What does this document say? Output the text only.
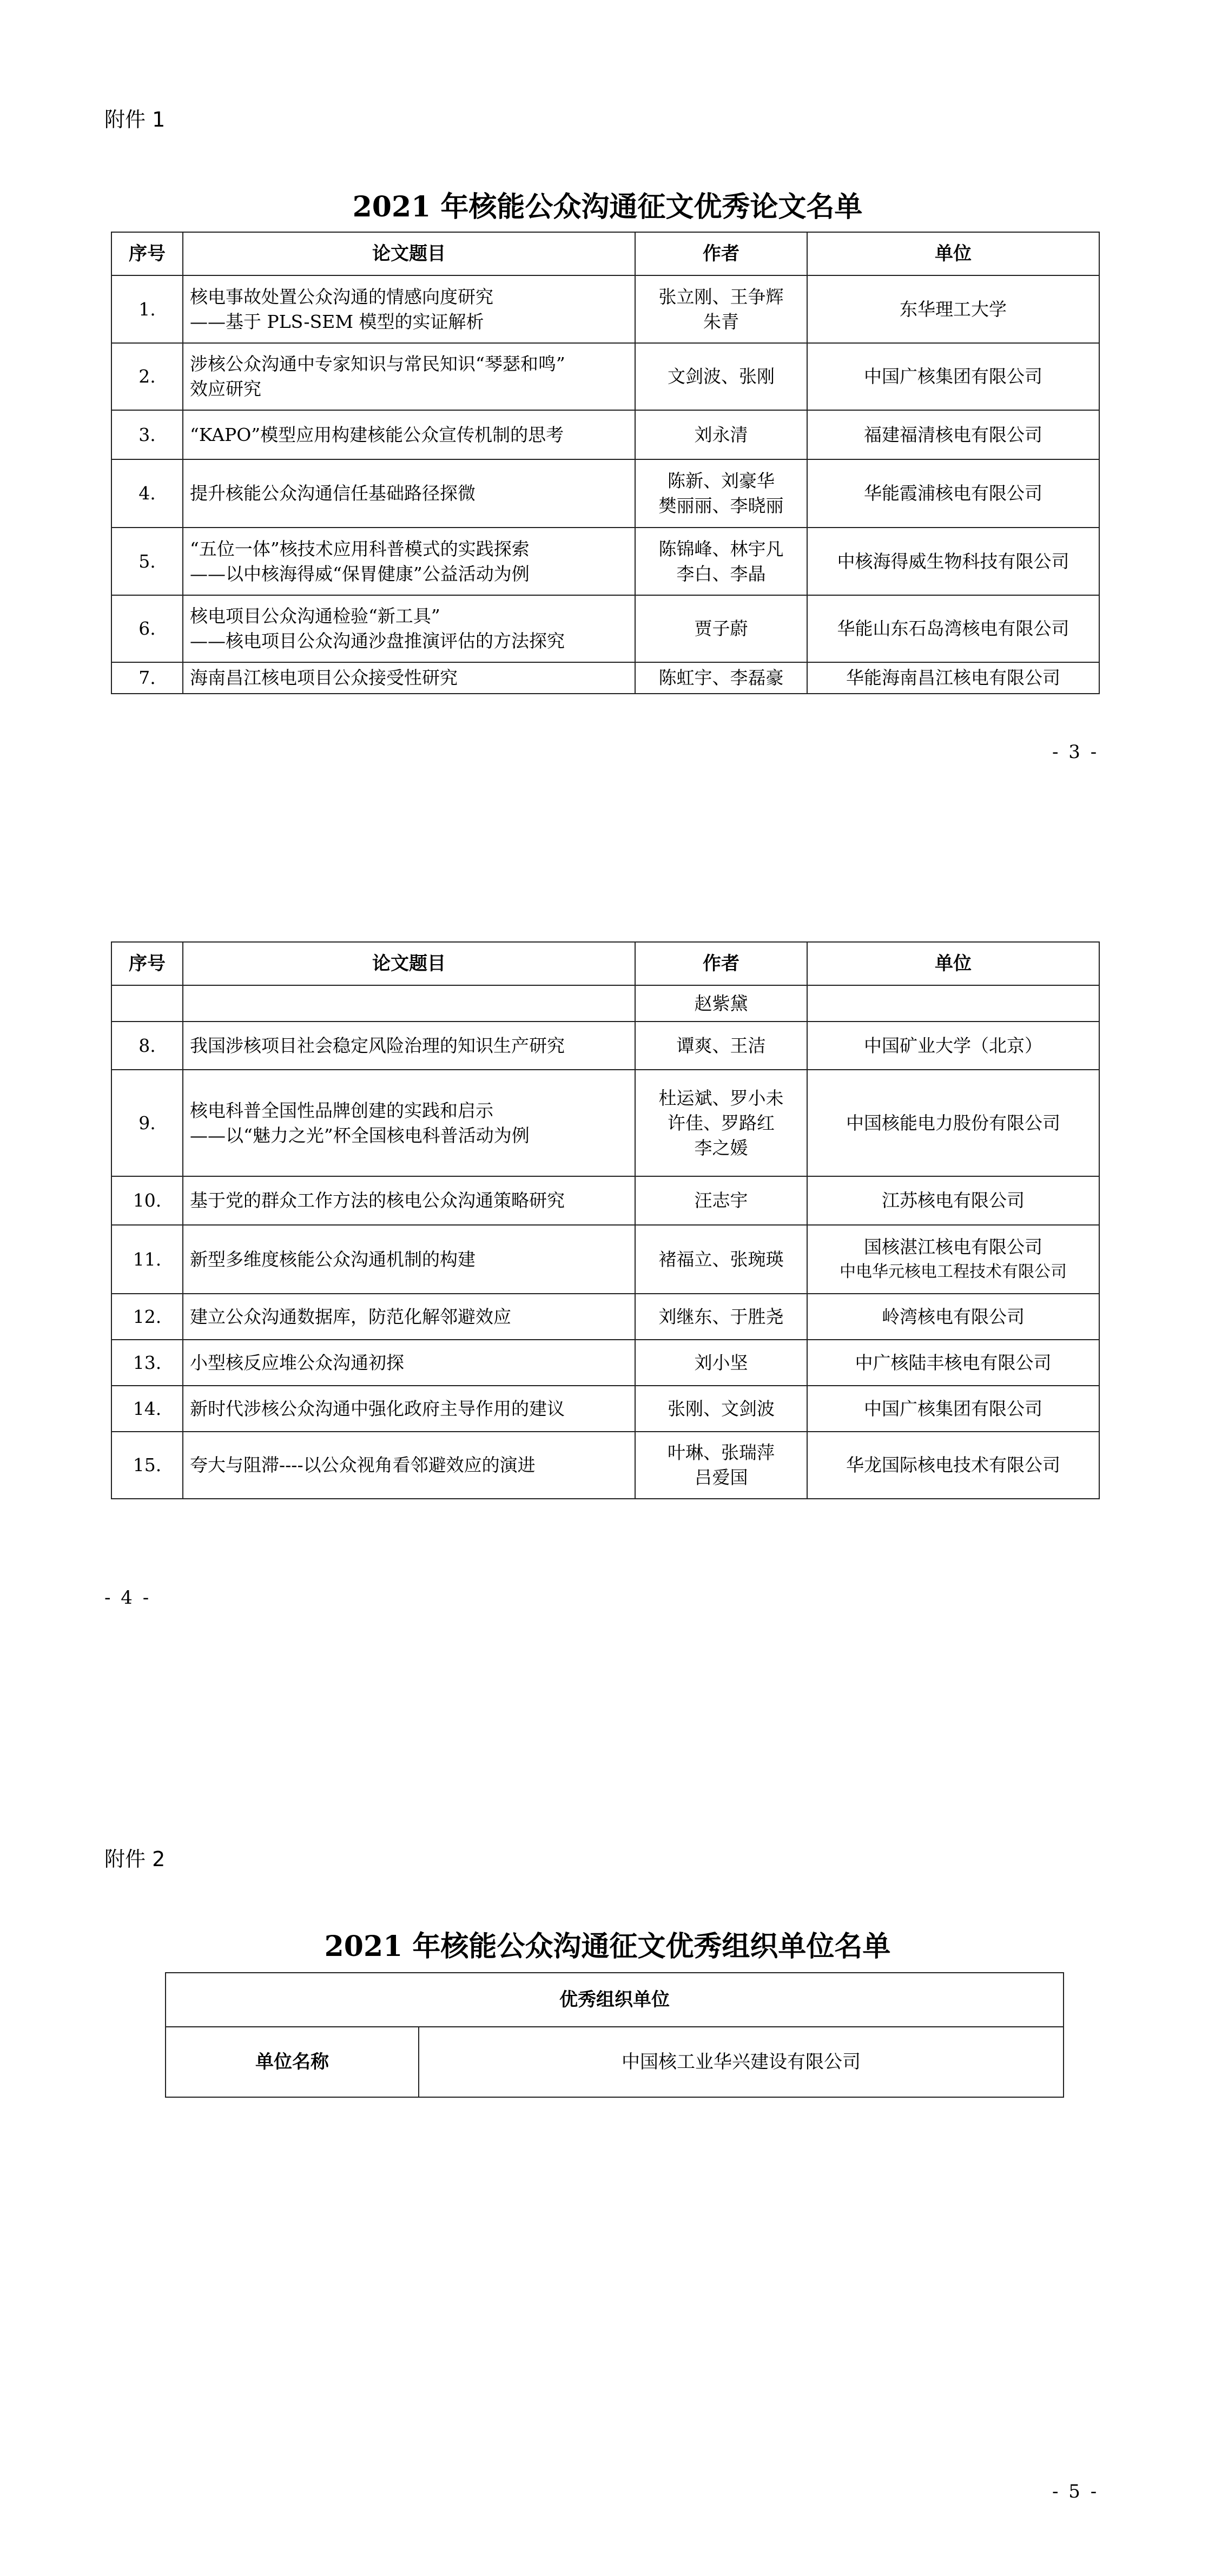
附件 1
2021 年核能公众沟通征文优秀论文名单
序号	论文题目	作者	单位

1.	核电事故处置公众沟通的情感向度研究
——基于 PLS-SEM 模型的实证解析	张立刚、王争辉
朱青	东华理工大学

2.	涉核公众沟通中专家知识与常民知识“琴瑟和鸣”
效应研究	文剑波、张刚	中国广核集团有限公司

3.	“KAPO”模型应用构建核能公众宣传机制的思考	刘永清	福建福清核电有限公司

4.	提升核能公众沟通信任基础路径探微	陈新、刘豪华
樊丽丽、李晓丽	华能霞浦核电有限公司

5.	“五位一体”核技术应用科普模式的实践探索
——以中核海得威“保胃健康”公益活动为例	陈锦峰、林宇凡
李白、李晶	中核海得威生物科技有限公司

6.	核电项目公众沟通检验“新工具”
——核电项目公众沟通沙盘推演评估的方法探究	贾子蔚	华能山东石岛湾核电有限公司

7.	海南昌江核电项目公众接受性研究	陈虹宇、李磊豪	华能海南昌江核电有限公司
- 3 -
序号	论文题目	作者	单位

		赵紫黛	

8.	我国涉核项目社会稳定风险治理的知识生产研究	谭爽、王洁	中国矿业大学（北京）

9.	核电科普全国性品牌创建的实践和启示
——以“魅力之光”杯全国核电科普活动为例	杜运斌、罗小未
许佳、罗路红
李之媛	中国核能电力股份有限公司

10.	基于党的群众工作方法的核电公众沟通策略研究	汪志宇	江苏核电有限公司

11.	新型多维度核能公众沟通机制的构建	褚福立、张琬瑛	国核湛江核电有限公司
中电华元核电工程技术有限公司

12.	建立公众沟通数据库，防范化解邻避效应	刘继东、于胜尧	岭湾核电有限公司

13.	小型核反应堆公众沟通初探	刘小坚	中广核陆丰核电有限公司

14.	新时代涉核公众沟通中强化政府主导作用的建议	张刚、文剑波	中国广核集团有限公司

15.	夸大与阻滞----以公众视角看邻避效应的演进	叶琳、张瑞萍
吕爱国	华龙国际核电技术有限公司
- 4 -
附件 2
2021 年核能公众沟通征文优秀组织单位名单
优秀组织单位
单位名称	中国核工业华兴建设有限公司
- 5 -
